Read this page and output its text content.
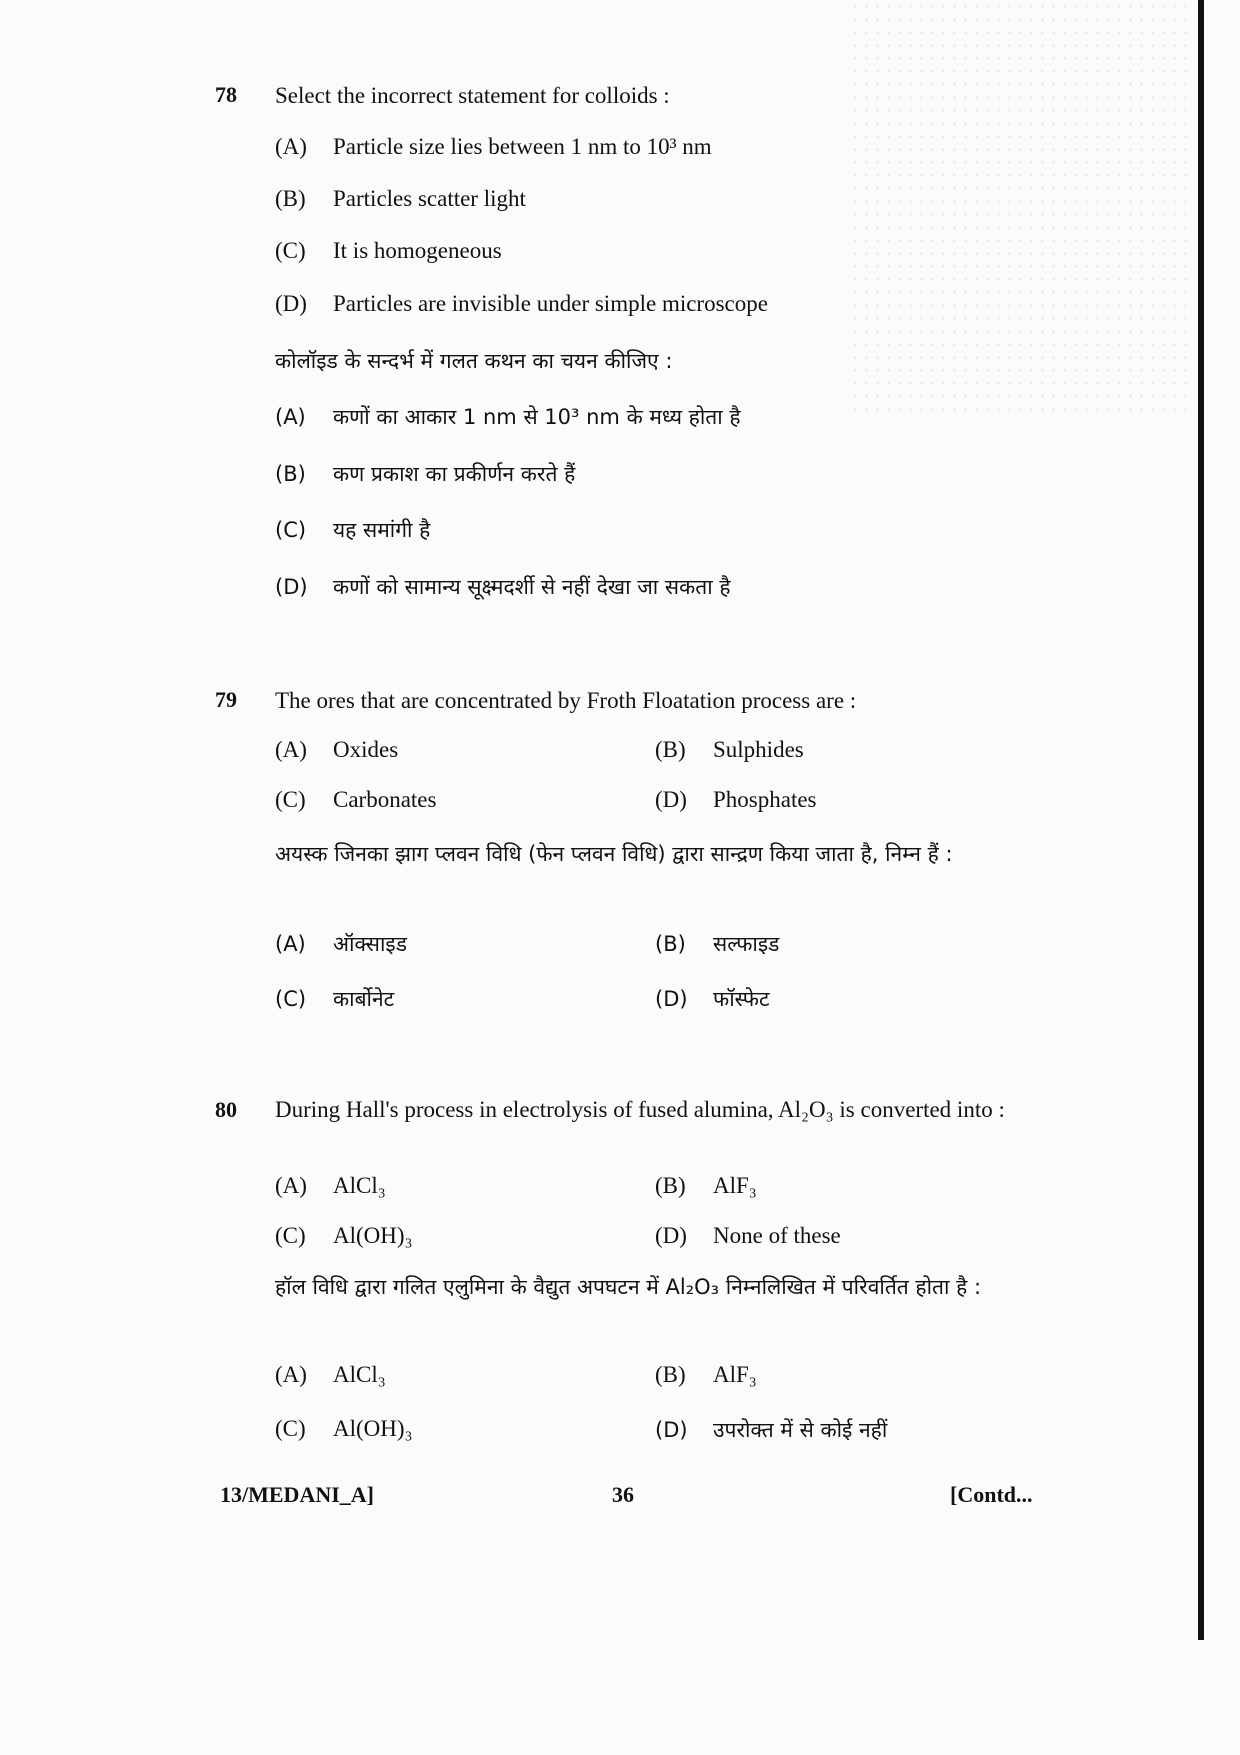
78 Select the incorrect statement for colloids :
(A) Particle size lies between 1 nm to 10³ nm
(B) Particles scatter light
(C) It is homogeneous
(D) Particles are invisible under simple microscope
कोलॉइड के सन्दर्भ में गलत कथन का चयन कीजिए :
(A) कणों का आकार 1 nm से 10³ nm के मध्य होता है
(B) कण प्रकाश का प्रकीर्णन करते हैं
(C) यह समांगी है
(D) कणों को सामान्य सूक्ष्मदर्शी से नहीं देखा जा सकता है
79 The ores that are concentrated by Froth Floatation process are :
(A) Oxides	(B) Sulphides
(C) Carbonates	(D) Phosphates
अयस्क जिनका झाग प्लवन विधि (फेन प्लवन विधि) द्वारा सान्द्रण किया जाता है, निम्न हैं :
(A) ऑक्साइड	(B) सल्फाइड
(C) कार्बोनेट	(D) फॉस्फेट
80 During Hall's process in electrolysis of fused alumina, Al₂O₃ is converted into :
(A) AlCl₃	(B) AlF₃
(C) Al(OH)₃	(D) None of these
हॉल विधि द्वारा गलित एलुमिना के वैद्युत अपघटन में Al₂O₃ निम्नलिखित में परिवर्तित होता है :
(A) AlCl₃	(B) AlF₃
(C) Al(OH)₃	(D) उपरोक्त में से कोई नहीं
13/MEDANI_A]	36	[Contd...
